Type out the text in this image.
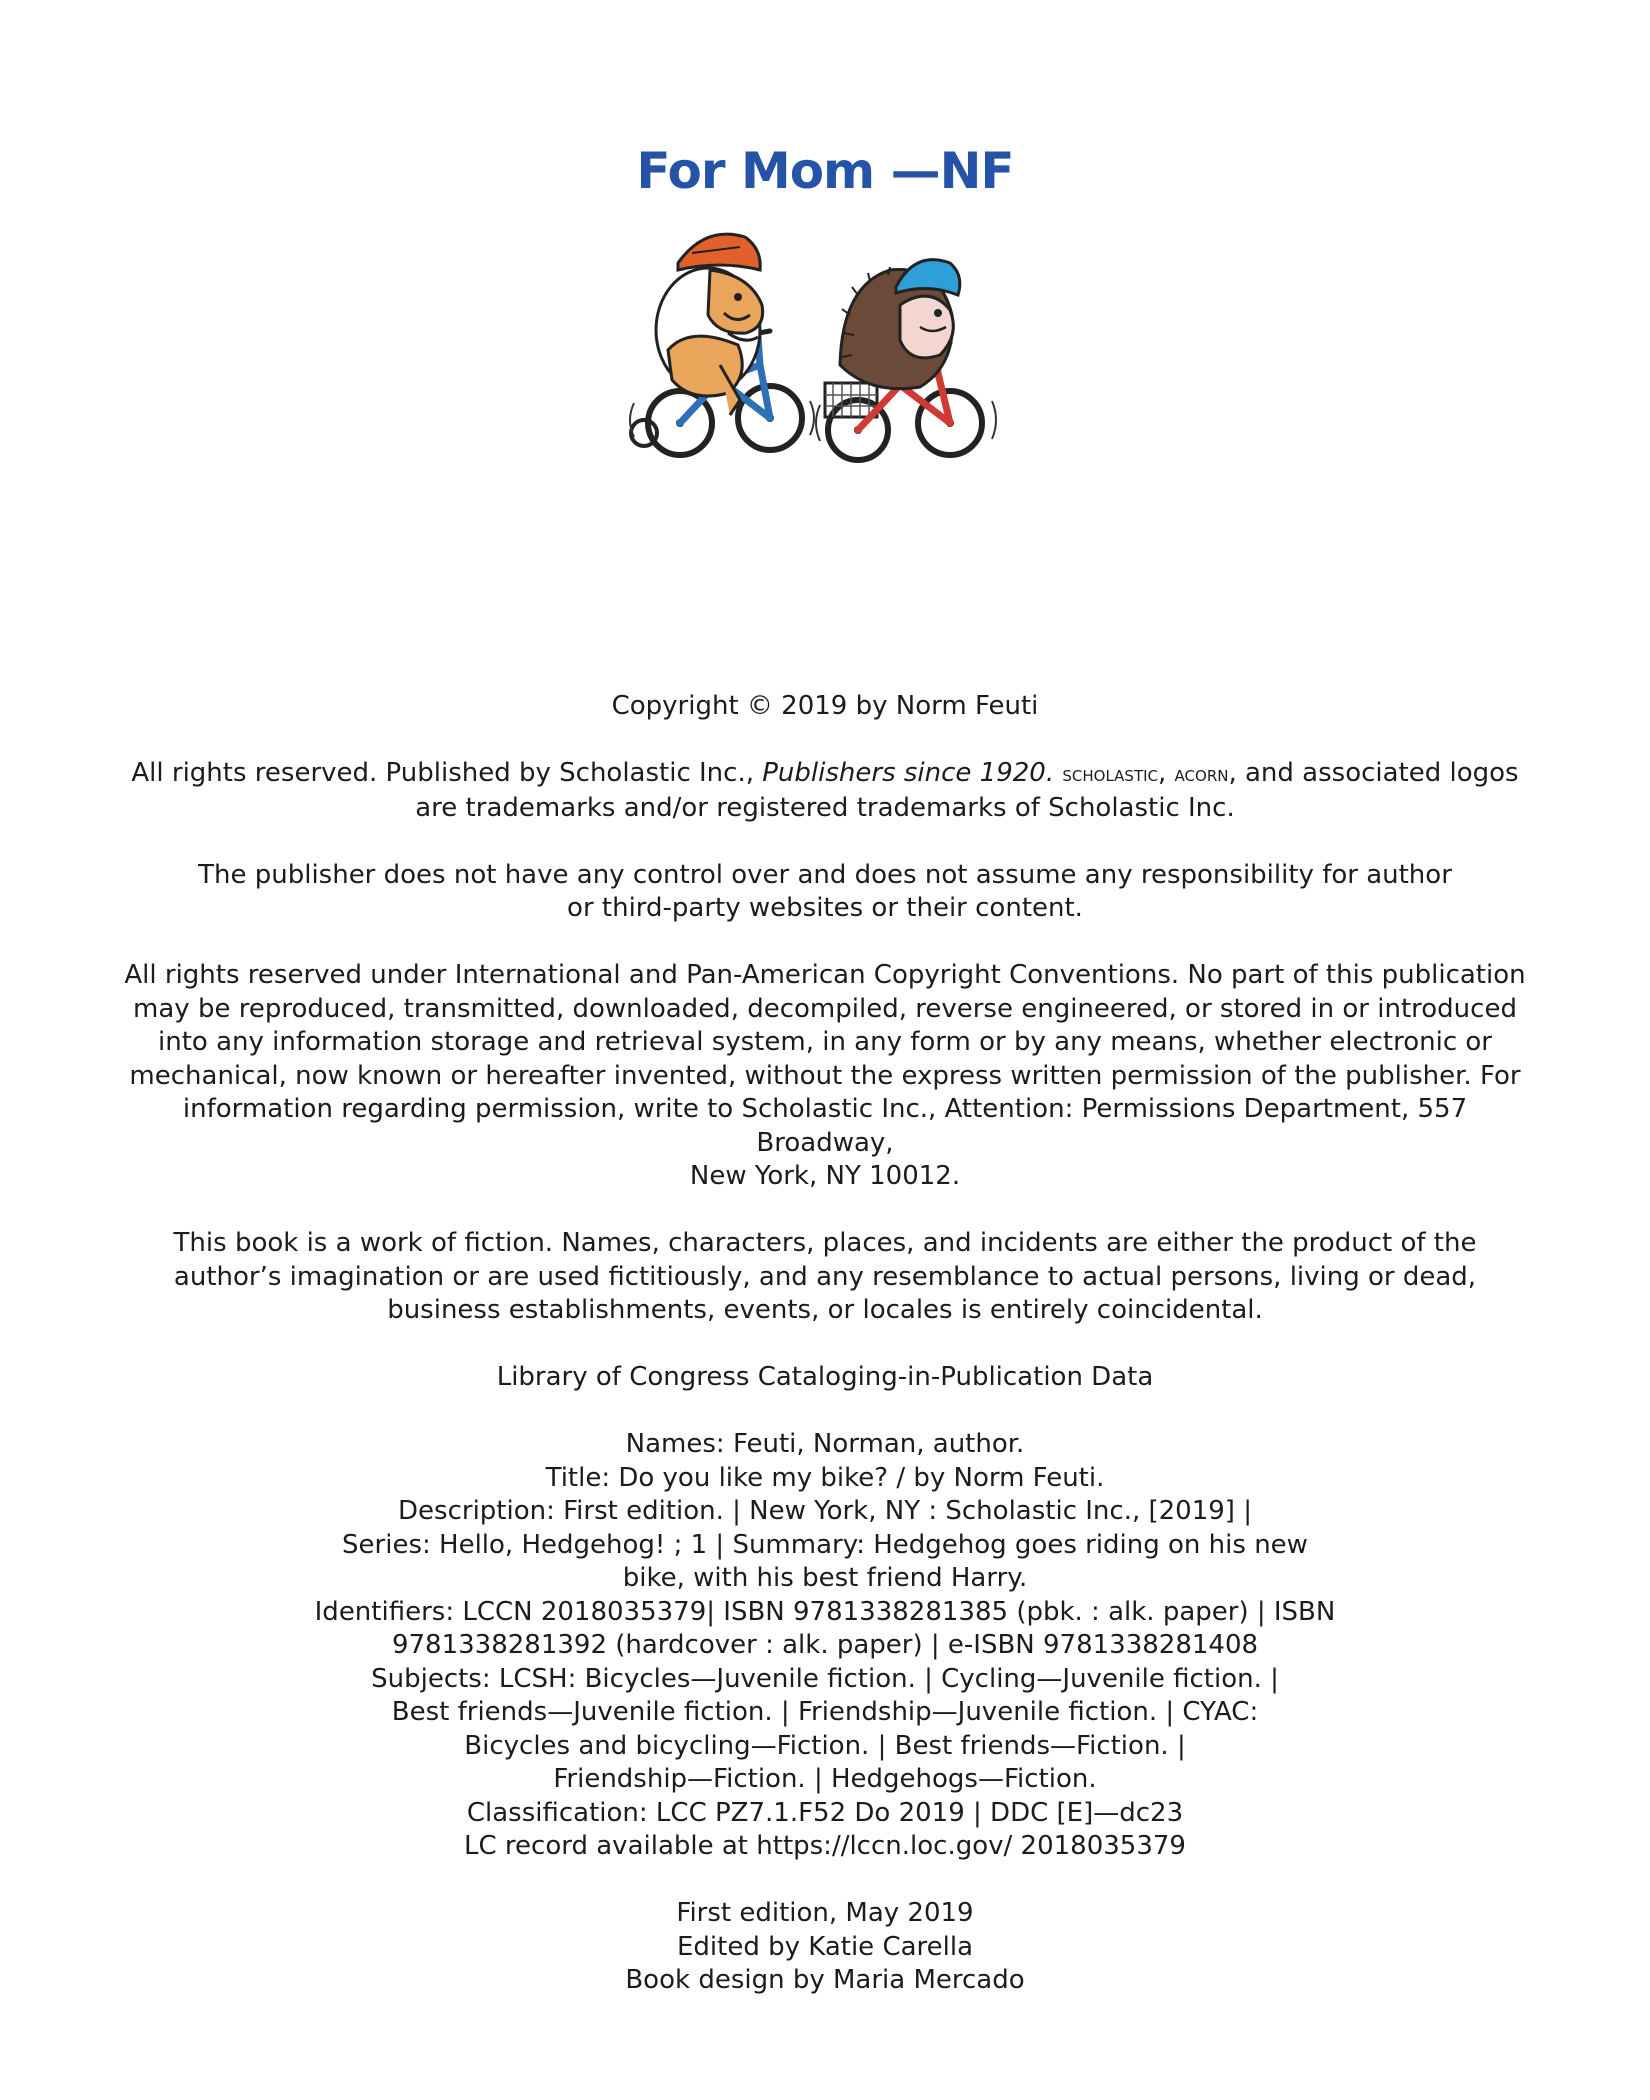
For Mom —NF

Copyright © 2019 by Norm Feuti

All rights reserved. Published by Scholastic Inc., Publishers since 1920. scholastic, acorn, and associated logos
are trademarks and/or registered trademarks of Scholastic Inc.

The publisher does not have any control over and does not assume any responsibility for author
or third-party websites or their content.

All rights reserved under International and Pan-American Copyright Conventions. No part of this publication
may be reproduced, transmitted, downloaded, decompiled, reverse engineered, or stored in or introduced
into any information storage and retrieval system, in any form or by any means, whether electronic or
mechanical, now known or hereafter invented, without the express written permission of the publisher. For
information regarding permission, write to Scholastic Inc., Attention: Permissions Department, 557 Broadway,
New York, NY 10012.

This book is a work of fiction. Names, characters, places, and incidents are either the product of the
author’s imagination or are used fictitiously, and any resemblance to actual persons, living or dead,
business establishments, events, or locales is entirely coincidental.

Library of Congress Cataloging-in-Publication Data

Names: Feuti, Norman, author.
Title: Do you like my bike? / by Norm Feuti.
Description: First edition. | New York, NY : Scholastic Inc., [2019] |
Series: Hello, Hedgehog! ; 1 | Summary: Hedgehog goes riding on his new
bike, with his best friend Harry.
Identifiers: LCCN 2018035379| ISBN 9781338281385 (pbk. : alk. paper) | ISBN
9781338281392 (hardcover : alk. paper) | e-ISBN 9781338281408
Subjects: LCSH: Bicycles—Juvenile fiction. | Cycling—Juvenile fiction. |
Best friends—Juvenile fiction. | Friendship—Juvenile fiction. | CYAC:
Bicycles and bicycling—Fiction. | Best friends—Fiction. |
Friendship—Fiction. | Hedgehogs—Fiction.
Classification: LCC PZ7.1.F52 Do 2019 | DDC [E]—dc23
LC record available at https://lccn.loc.gov/ 2018035379

First edition, May 2019
Edited by Katie Carella
Book design by Maria Mercado
